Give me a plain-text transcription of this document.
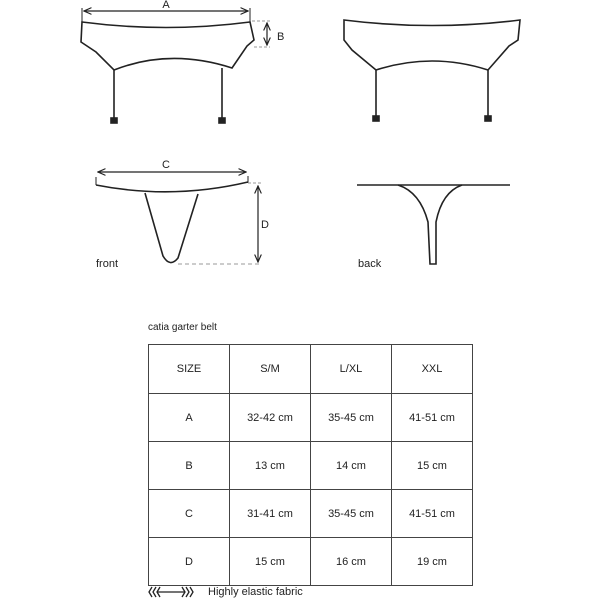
A
B
C
D
front	back
catia garter belt
SIZE	S/M	L/XL	XXL
A	32-42 cm	35-45 cm	41-51 cm
B	13 cm	14 cm	15 cm
C	31-41 cm	35-45 cm	41-51 cm
D	15 cm	16 cm	19 cm
Highly elastic fabric
